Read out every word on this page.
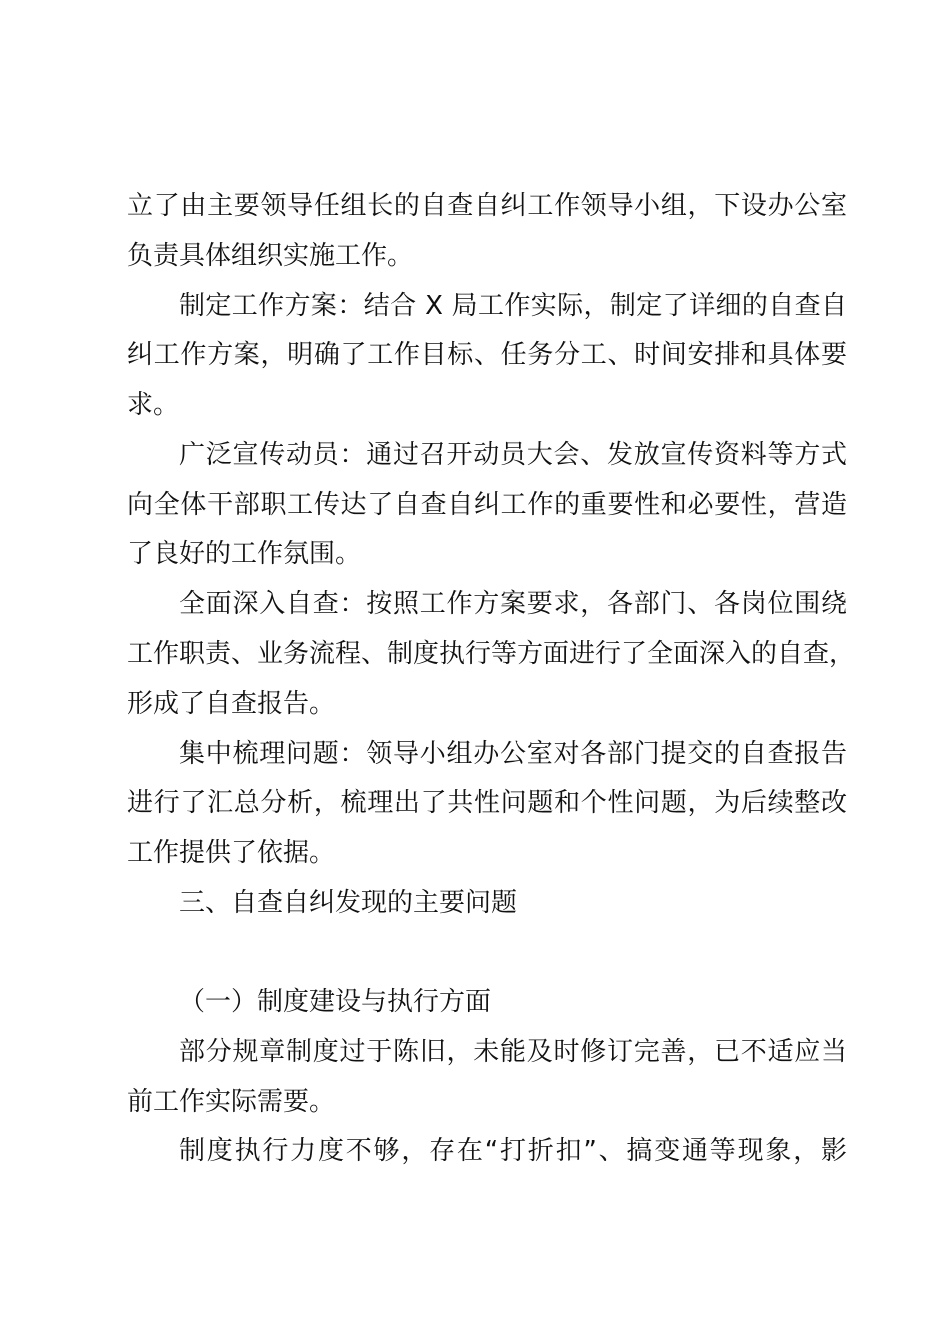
立了由主要领导任组长的自查自纠工作领导小组，下设办公室
负责具体组织实施工作。
制定工作方案：结合 X 局工作实际，制定了详细的自查自
纠工作方案，明确了工作目标、任务分工、时间安排和具体要
求。
广泛宣传动员：通过召开动员大会、发放宣传资料等方式
向全体干部职工传达了自查自纠工作的重要性和必要性，营造
了良好的工作氛围。
全面深入自查：按照工作方案要求，各部门、各岗位围绕
工作职责、业务流程、制度执行等方面进行了全面深入的自查，
形成了自查报告。
集中梳理问题：领导小组办公室对各部门提交的自查报告
进行了汇总分析，梳理出了共性问题和个性问题，为后续整改
工作提供了依据。
三、自查自纠发现的主要问题
（一）制度建设与执行方面
部分规章制度过于陈旧，未能及时修订完善，已不适应当
前工作实际需要。
制度执行力度不够，存在“打折扣”、搞变通等现象，影
